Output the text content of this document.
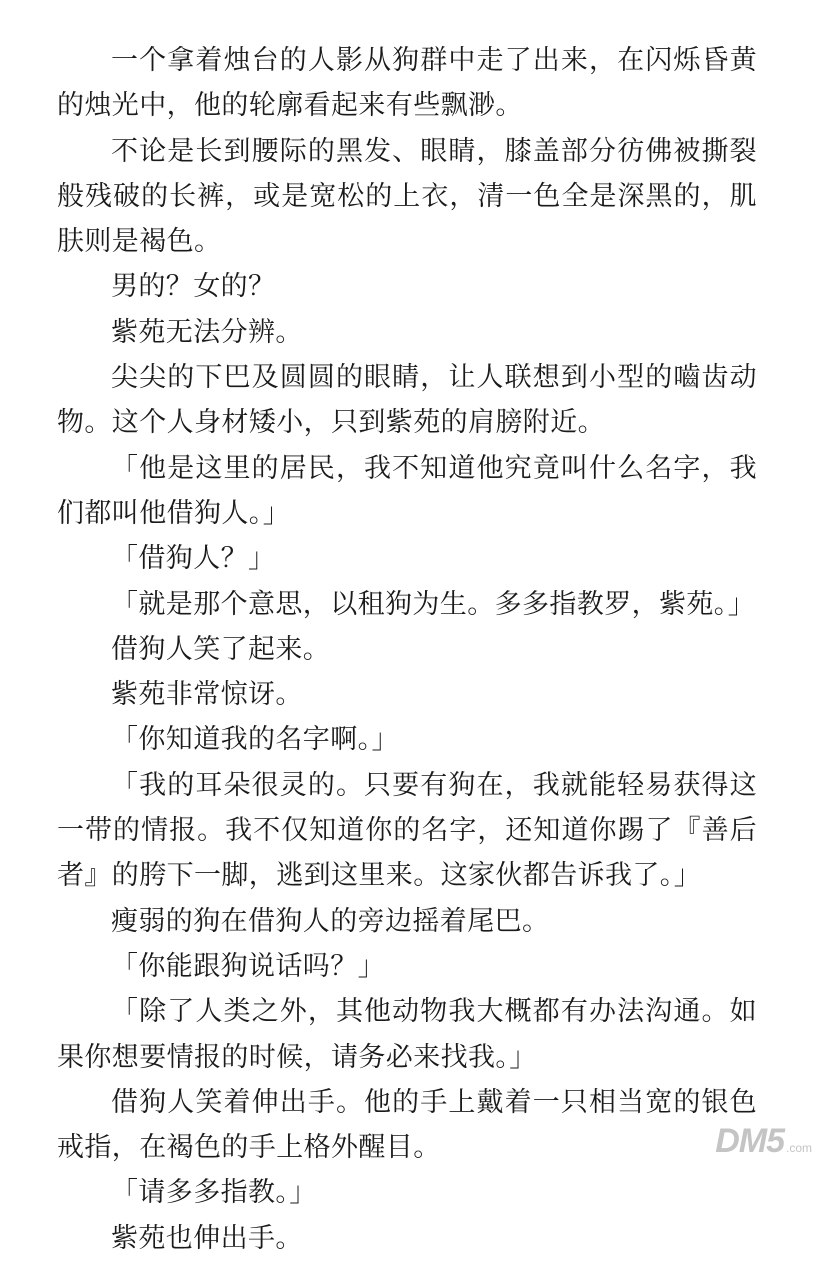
一个拿着烛台的人影从狗群中走了出来，在闪烁昏黄的烛光中，他的轮廓看起来有些飘渺。

不论是长到腰际的黑发、眼睛，膝盖部分彷佛被撕裂般残破的长裤，或是宽松的上衣，清一色全是深黑的，肌肤则是褐色。

男的？女的？

紫苑无法分辨。

尖尖的下巴及圆圆的眼睛，让人联想到小型的嚙齿动物。这个人身材矮小，只到紫苑的肩膀附近。

「他是这里的居民，我不知道他究竟叫什么名字，我们都叫他借狗人。」

「借狗人？」

「就是那个意思，以租狗为生。多多指教罗，紫苑。」

借狗人笑了起来。

紫苑非常惊讶。

「你知道我的名字啊。」

「我的耳朵很灵的。只要有狗在，我就能轻易获得这一带的情报。我不仅知道你的名字，还知道你踢了『善后者』的胯下一脚，逃到这里来。这家伙都告诉我了。」

瘦弱的狗在借狗人的旁边摇着尾巴。

「你能跟狗说话吗？」

「除了人类之外，其他动物我大概都有办法沟通。如果你想要情报的时候，请务必来找我。」

借狗人笑着伸出手。他的手上戴着一只相当宽的银色戒指，在褐色的手上格外醒目。

「请多多指教。」

紫苑也伸出手。

DM5 .com
